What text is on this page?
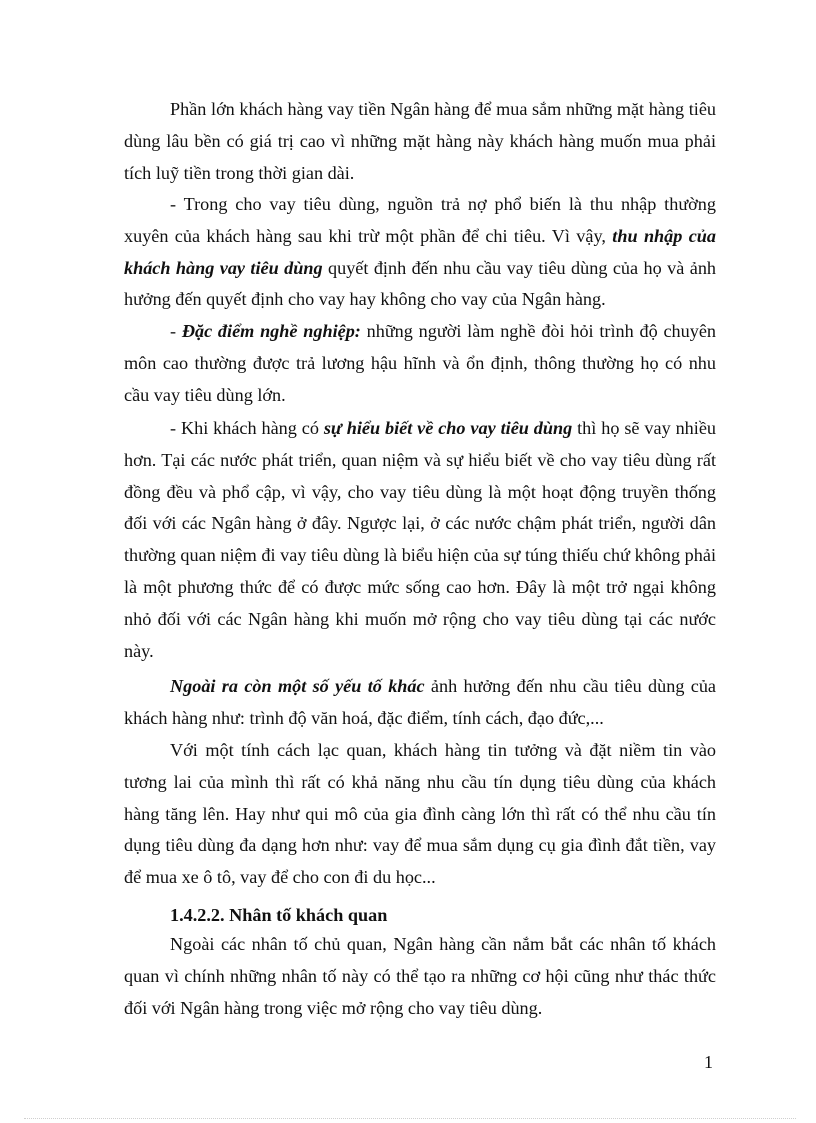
Phần lớn khách hàng vay tiền Ngân hàng để mua sắm những mặt hàng tiêu dùng lâu bền có giá trị cao vì những mặt hàng này khách hàng muốn mua phải tích luỹ tiền trong thời gian dài.

- Trong cho vay tiêu dùng, nguồn trả nợ phổ biến là thu nhập thường xuyên của khách hàng sau khi trừ một phần để chi tiêu. Vì vậy, thu nhập của khách hàng vay tiêu dùng quyết định đến nhu cầu vay tiêu dùng của họ và ảnh hưởng đến quyết định cho vay hay không cho vay của Ngân hàng.

- Đặc điểm nghề nghiệp: những người làm nghề đòi hỏi trình độ chuyên môn cao thường được trả lương hậu hĩnh và ổn định, thông thường họ có nhu cầu vay tiêu dùng lớn.

- Khi khách hàng có sự hiểu biết về cho vay tiêu dùng thì họ sẽ vay nhiều hơn. Tại các nước phát triển, quan niệm và sự hiểu biết về cho vay tiêu dùng rất đồng đều và phổ cập, vì vậy, cho vay tiêu dùng là một hoạt động truyền thống đối với các Ngân hàng ở đây. Ngược lại, ở các nước chậm phát triển, người dân thường quan niệm đi vay tiêu dùng là biểu hiện của sự túng thiếu chứ không phải là một phương thức để có được mức sống cao hơn. Đây là một trở ngại không nhỏ đối với các Ngân hàng khi muốn mở rộng cho vay tiêu dùng tại các nước này.

Ngoài ra còn một số yếu tố khác ảnh hưởng đến nhu cầu tiêu dùng của khách hàng như: trình độ văn hoá, đặc điểm, tính cách, đạo đức,...

Với một tính cách lạc quan, khách hàng tin tưởng và đặt niềm tin vào tương lai của mình thì rất có khả năng nhu cầu tín dụng tiêu dùng của khách hàng tăng lên. Hay như qui mô của gia đình càng lớn thì rất có thể nhu cầu tín dụng tiêu dùng đa dạng hơn như: vay để mua sắm dụng cụ gia đình đắt tiền, vay để mua xe ô tô, vay để cho con đi du học...

1.4.2.2. Nhân tố khách quan

Ngoài các nhân tố chủ quan, Ngân hàng cần nắm bắt các nhân tố khách quan vì chính những nhân tố này có thể tạo ra những cơ hội cũng như thác thức đối với Ngân hàng trong việc mở rộng cho vay tiêu dùng.

1
